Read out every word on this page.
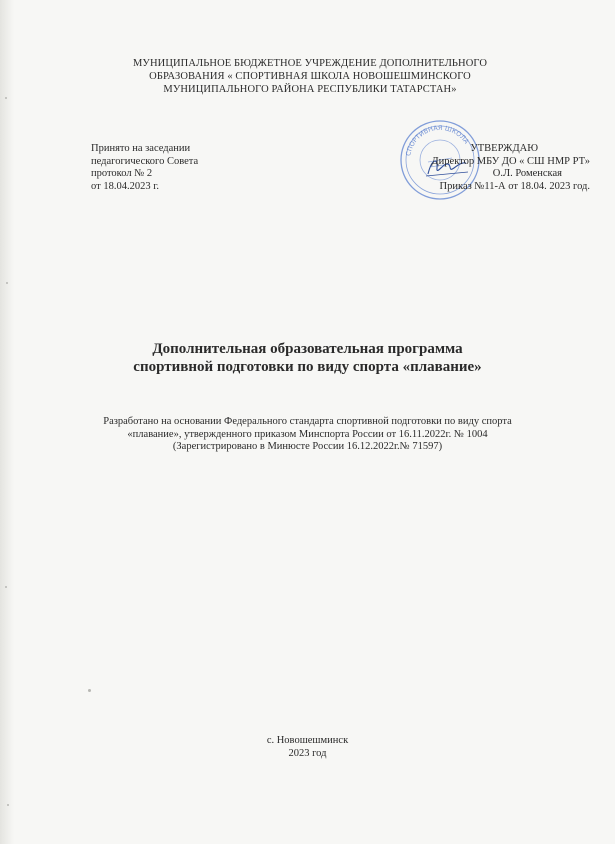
МУНИЦИПАЛЬНОЕ БЮДЖЕТНОЕ УЧРЕЖДЕНИЕ ДОПОЛНИТЕЛЬНОГО
ОБРАЗОВАНИЯ « СПОРТИВНАЯ ШКОЛА НОВОШЕШМИНСКОГО
МУНИЦИПАЛЬНОГО РАЙОНА РЕСПУБЛИКИ ТАТАРСТАН»
Принято на заседании
педагогического Совета
протокол № 2
от 18.04.2023 г.
СПОРТИВНАЯ ШКОЛА
УТВЕРЖДАЮ
Директор МБУ ДО « СШ НМР РТ»
О.Л. Роменская
Приказ №11-А от 18.04. 2023 год.
Дополнительная образовательная программа
спортивной подготовки по виду спорта «плавание»
Разработано на основании Федерального стандарта спортивной подготовки по виду спорта
«плавание», утвержденного приказом Минспорта России от 16.11.2022г. № 1004
(Зарегистрировано в Минюсте России 16.12.2022г.№ 71597)
с. Новошешминск
2023 год
